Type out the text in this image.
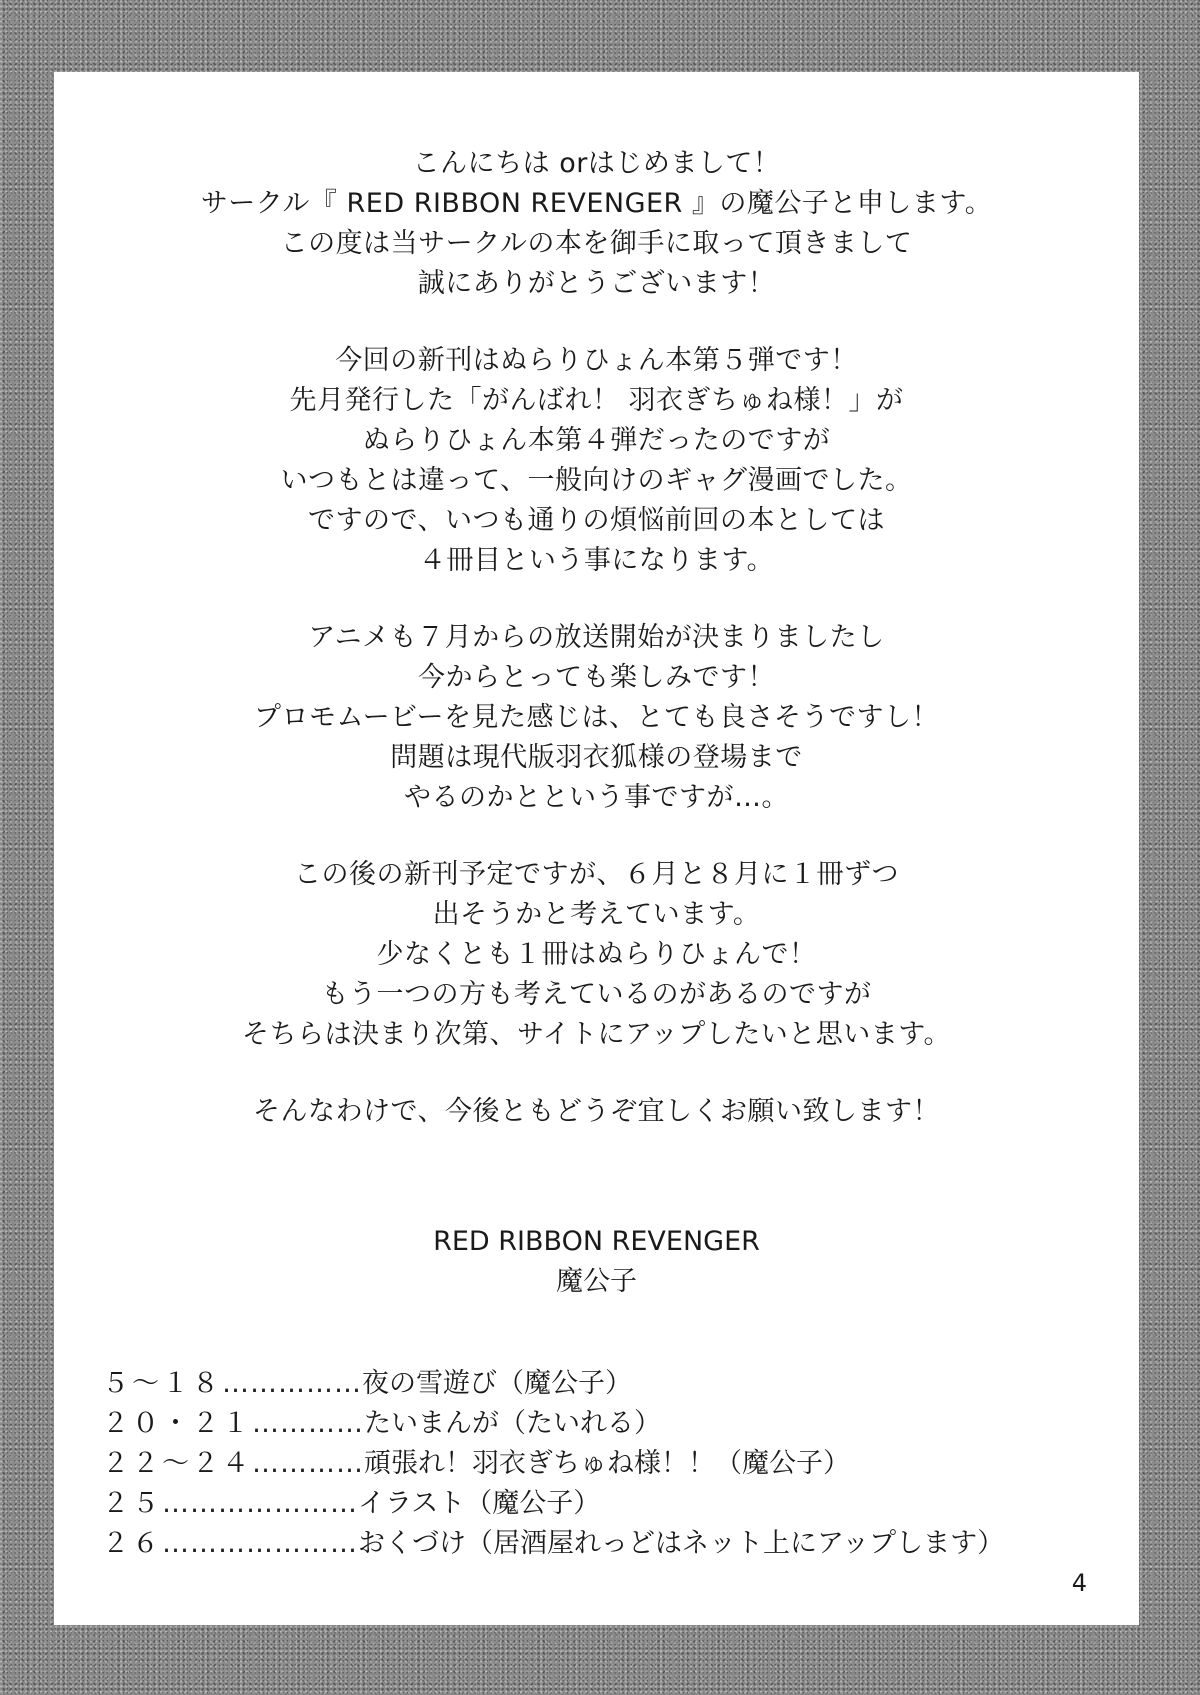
こんにちは orはじめまして！
サークル『 RED RIBBON REVENGER 』の魔公子と申します。
この度は当サークルの本を御手に取って頂きまして
誠にありがとうございます！
今回の新刊はぬらりひょん本第５弾です！
先月発行した「がんばれ！ 羽衣ぎちゅね様！」が
ぬらりひょん本第４弾だったのですが
いつもとは違って、一般向けのギャグ漫画でした。
ですので、いつも通りの煩悩前回の本としては
４冊目という事になります。
アニメも７月からの放送開始が決まりましたし
今からとっても楽しみです！
プロモムービーを見た感じは、とても良さそうですし！
問題は現代版羽衣狐様の登場まで
やるのかとという事ですが…。
この後の新刊予定ですが、６月と８月に１冊ずつ
出そうかと考えています。
少なくとも１冊はぬらりひょんで！
もう一つの方も考えているのがあるのですが
そちらは決まり次第、サイトにアップしたいと思います。
そんなわけで、今後ともどうぞ宜しくお願い致します！
RED RIBBON REVENGER
魔公子
５～１８……………夜の雪遊び（魔公子）
２０・２１…………たいまんが（たいれる）
２２～２４…………頑張れ！羽衣ぎちゅね様！！（魔公子）
２５…………………イラスト（魔公子）
２６…………………おくづけ（居酒屋れっどはネット上にアップします）
4
